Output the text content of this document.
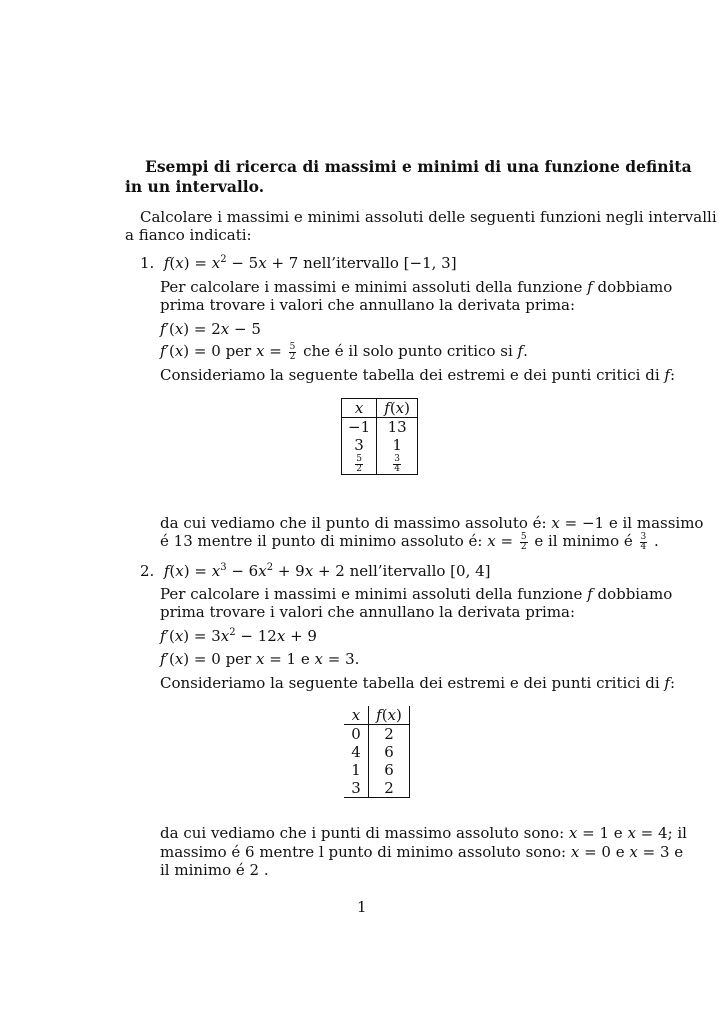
Esempi di ricerca di massimi e minimi di una funzione definita
in un intervallo.
Calcolare i massimi e minimi assoluti delle seguenti funzioni negli intervalli
a fianco indicati:
1.  $f(x) = x^2 - 5x + 7$ nell’itervallo [−1, 3]
Per calcolare i massimi e minimi assoluti della funzione f dobbiamo
prima trovare i valori che annullano la derivata prima:
f′(x) = 2x − 5
f′(x) = 0 per $x = \frac{5}{2}$ che é il solo punto critico si f.
Consideriamo la seguente tabella dei estremi e dei punti critici di f:
x	f(x)
−1	13
3	1

$\frac{5}{2}$	$\frac{3}{4}$
da cui vediamo che il punto di massimo assoluto é: x = −1 e il massimo
é 13 mentre il punto di minimo assoluto é: $x = \frac{5}{2}$ e il minimo é $\frac{3}{4}$ .
2.  $f(x) = x^3 - 6x^2 + 9x + 2$ nell’itervallo [0, 4]
Per calcolare i massimi e minimi assoluti della funzione f dobbiamo
prima trovare i valori che annullano la derivata prima:
$f'(x) = 3x^2 - 12x + 9$
f′(x) = 0 per x = 1 e x = 3.
Consideriamo la seguente tabella dei estremi e dei punti critici di f:
x	f(x)
0	2
4	6
1	6
3	2
da cui vediamo che i punti di massimo assoluto sono: x = 1 e x = 4; il
massimo é 6 mentre l punto di minimo assoluto sono: x = 0 e x = 3 e
il minimo é 2 .
1
